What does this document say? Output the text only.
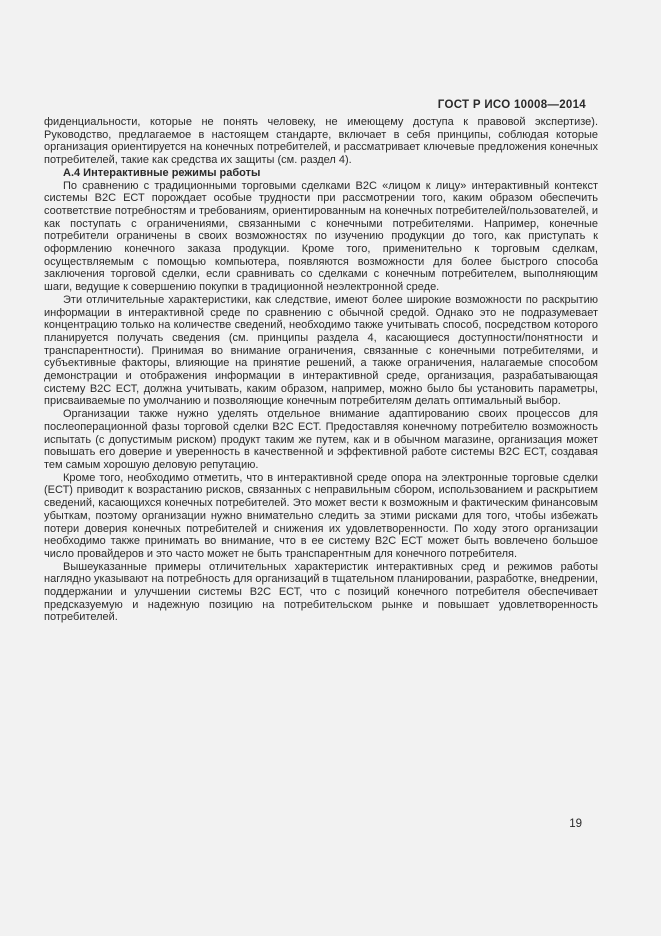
ГОСТ Р ИСО 10008—2014

фиденциальности, которые не понять человеку, не имеющему доступа к правовой экспертизе). Руководство, предлагаемое в настоящем стандарте, включает в себя принципы, соблюдая которые организация ориентируется на конечных потребителей, и рассматривает ключевые предложения конечных потребителей, такие как средства их защиты (см. раздел 4).

А.4 Интерактивные режимы работы

По сравнению с традиционными торговыми сделками B2C «лицом к лицу» интерактивный контекст системы B2C ЕСТ порождает особые трудности при рассмотрении того, каким образом обеспечить соответствие потребностям и требованиям, ориентированным на конечных потребителей/пользователей, и как поступать с ограничениями, связанными с конечными потребителями. Например, конечные потребители ограничены в своих возможностях по изучению продукции до того, как приступать к оформлению конечного заказа продукции. Кроме того, применительно к торговым сделкам, осуществляемым с помощью компьютера, появляются возможности для более быстрого способа заключения торговой сделки, если сравнивать со сделками с конечным потребителем, выполняющим шаги, ведущие к совершению покупки в традиционной неэлектронной среде.

Эти отличительные характеристики, как следствие, имеют более широкие возможности по раскрытию информации в интерактивной среде по сравнению с обычной средой. Однако это не подразумевает концентрацию только на количестве сведений, необходимо также учитывать способ, посредством которого планируется получать сведения (см. принципы раздела 4, касающиеся доступности/понятности и транспарентности). Принимая во внимание ограничения, связанные с конечными потребителями, и субъективные факторы, влияющие на принятие решений, а также ограничения, налагаемые способом демонстрации и отображения информации в интерактивной среде, организация, разрабатывающая систему B2C ЕСТ, должна учитывать, каким образом, например, можно было бы установить параметры, присваиваемые по умолчанию и позволяющие конечным потребителям делать оптимальный выбор.

Организации также нужно уделять отдельное внимание адаптированию своих процессов для послеоперационной фазы торговой сделки B2C ЕСТ. Предоставляя конечному потребителю возможность испытать (с допустимым риском) продукт таким же путем, как и в обычном магазине, организация может повышать его доверие и уверенность в качественной и эффективной работе системы B2C ЕСТ, создавая тем самым хорошую деловую репутацию.

Кроме того, необходимо отметить, что в интерактивной среде опора на электронные торговые сделки (ЕСТ) приводит к возрастанию рисков, связанных с неправильным сбором, использованием и раскрытием сведений, касающихся конечных потребителей. Это может вести к возможным и фактическим финансовым убыткам, поэтому организации нужно внимательно следить за этими рисками для того, чтобы избежать потери доверия конечных потребителей и снижения их удовлетворенности. По ходу этого организации необходимо также принимать во внимание, что в ее систему B2C ЕСТ может быть вовлечено большое число провайдеров и это часто может не быть транспарентным для конечного потребителя.

Вышеуказанные примеры отличительных характеристик интерактивных сред и режимов работы наглядно указывают на потребность для организаций в тщательном планировании, разработке, внедрении, поддержании и улучшении системы B2C ЕСТ, что с позиций конечного потребителя обеспечивает предсказуемую и надежную позицию на потребительском рынке и повышает удовлетворенность потребителей.

19
